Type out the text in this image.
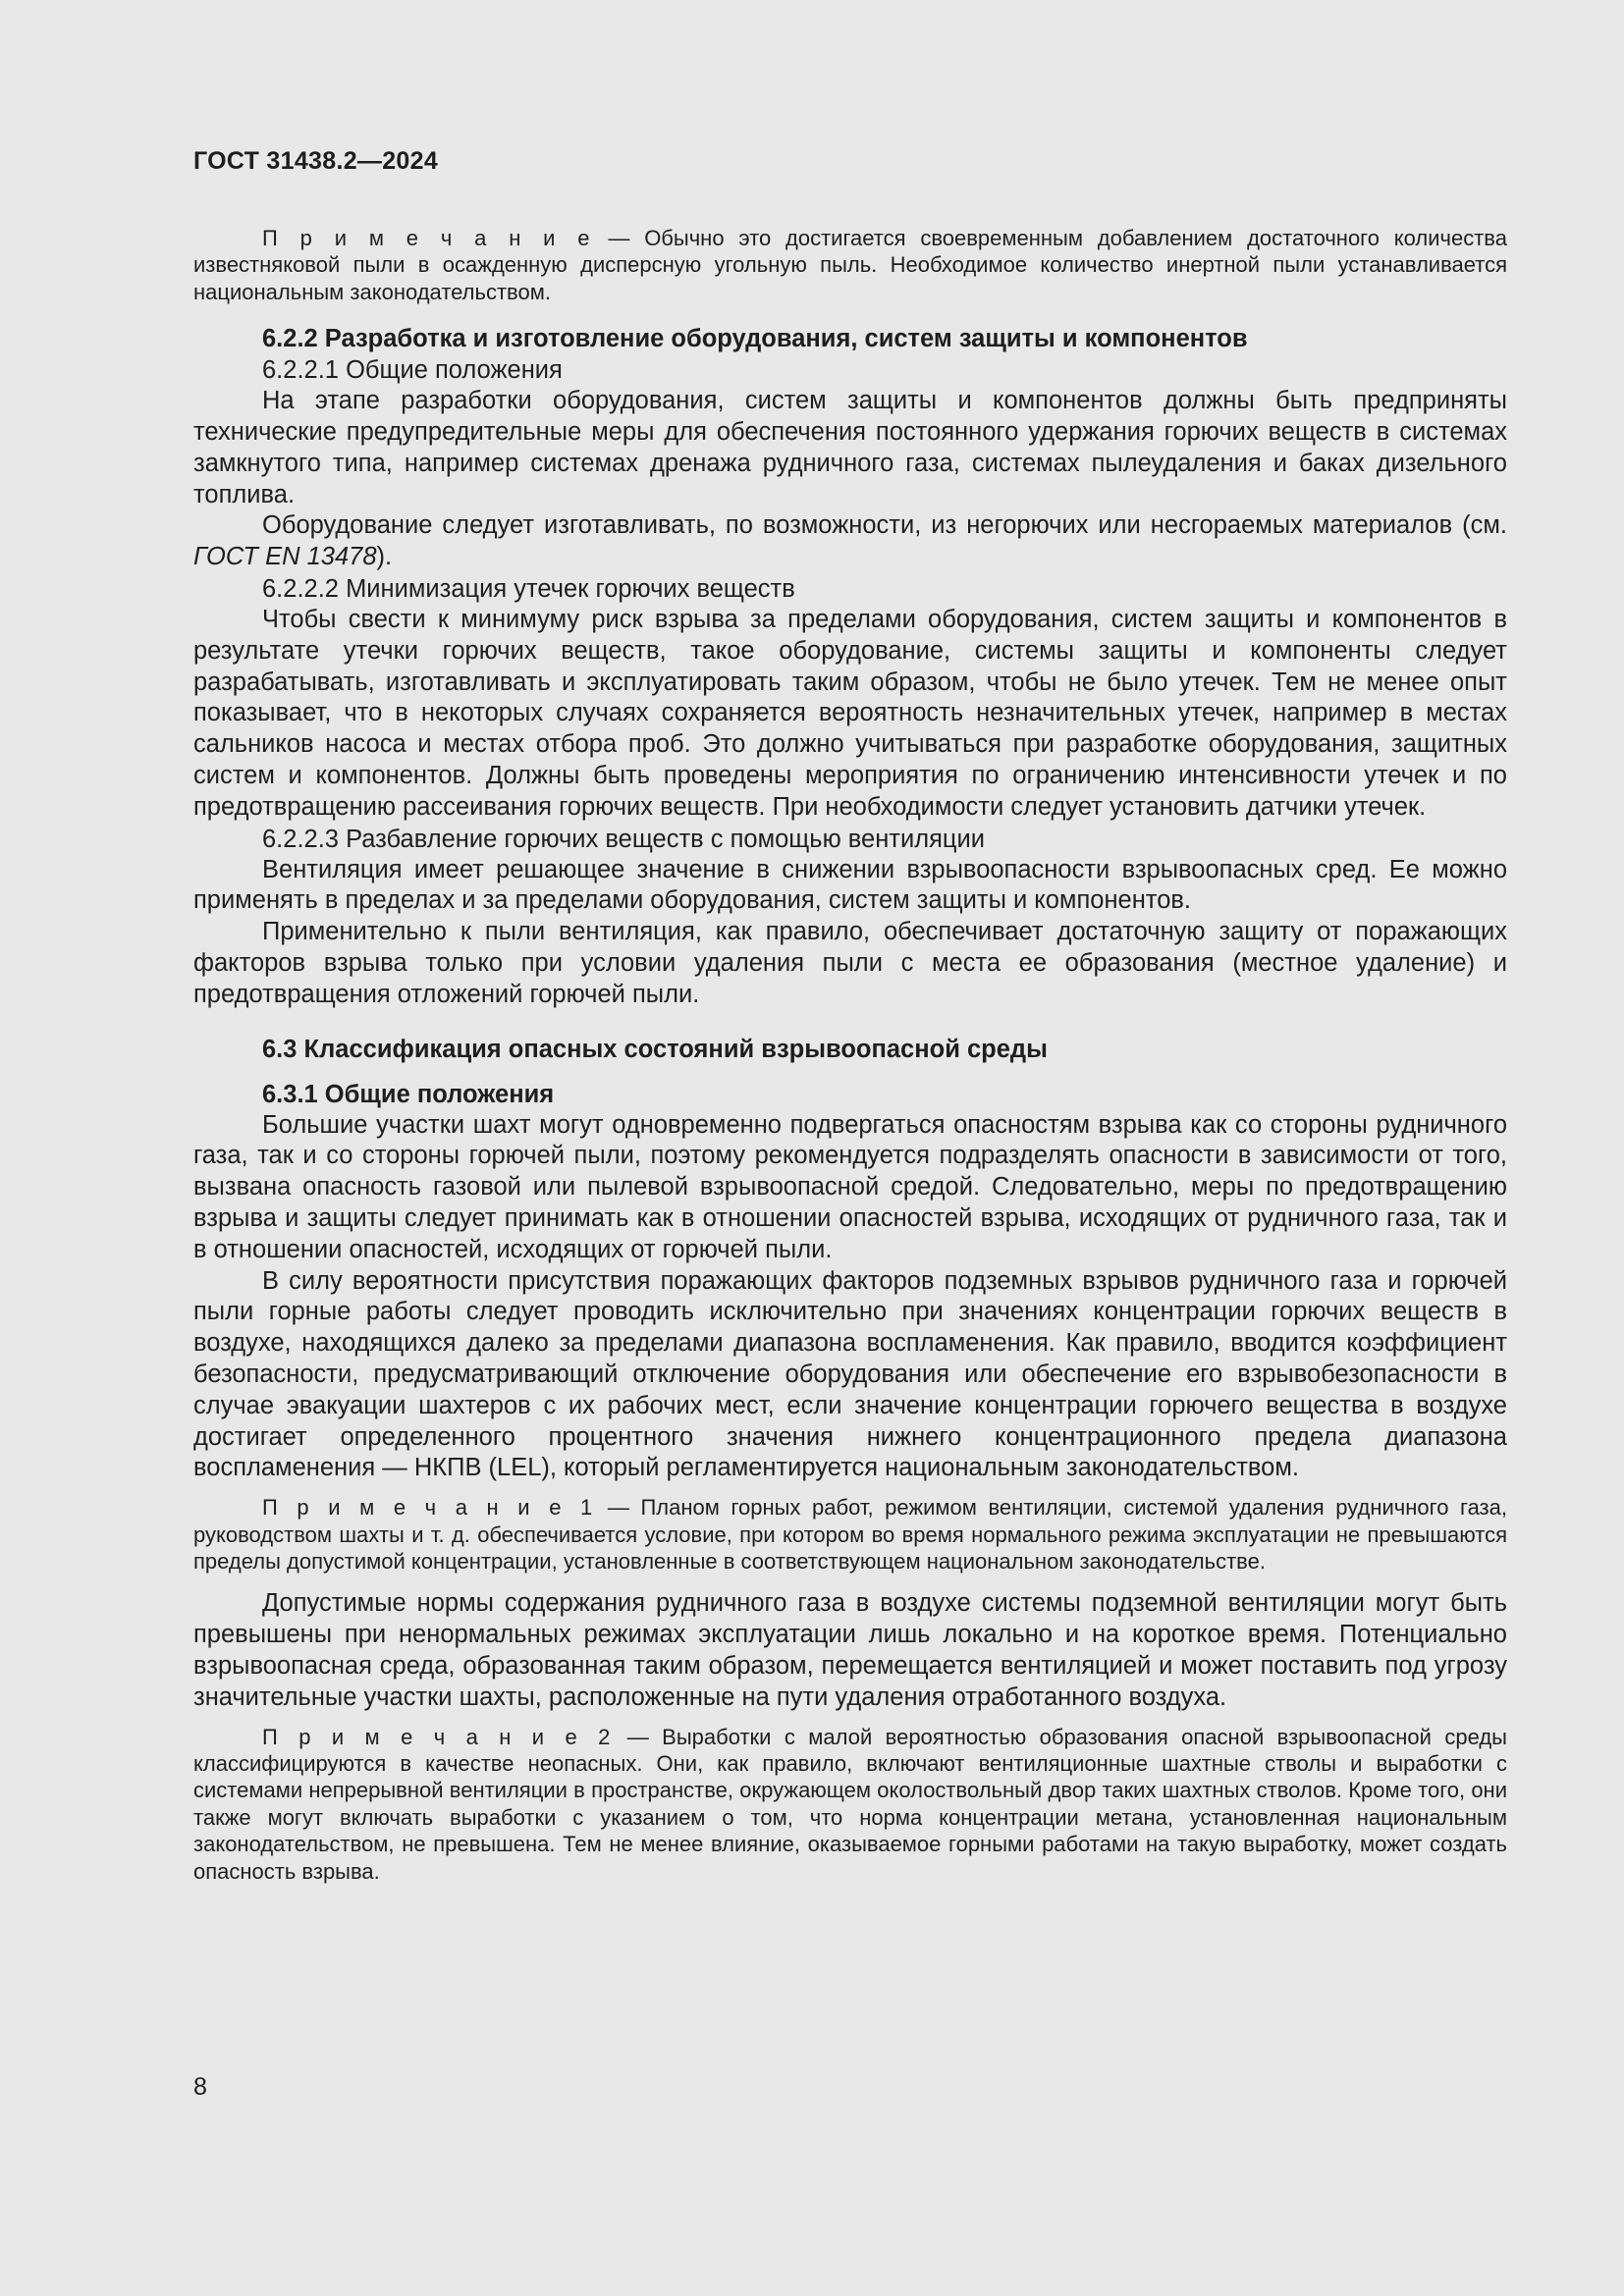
ГОСТ 31438.2—2024

П р и м е ч а н и е — Обычно это достигается своевременным добавлением достаточного количества известняковой пыли в осажденную дисперсную угольную пыль. Необходимое количество инертной пыли устанавливается национальным законодательством.

6.2.2 Разработка и изготовление оборудования, систем защиты и компонентов

6.2.2.1 Общие положения

На этапе разработки оборудования, систем защиты и компонентов должны быть предприняты технические предупредительные меры для обеспечения постоянного удержания горючих веществ в системах замкнутого типа, например системах дренажа рудничного газа, системах пылеудаления и баках дизельного топлива.

Оборудование следует изготавливать, по возможности, из негорючих или несгораемых материалов (см. ГОСТ EN 13478).

6.2.2.2 Минимизация утечек горючих веществ

Чтобы свести к минимуму риск взрыва за пределами оборудования, систем защиты и компонентов в результате утечки горючих веществ, такое оборудование, системы защиты и компоненты следует разрабатывать, изготавливать и эксплуатировать таким образом, чтобы не было утечек. Тем не менее опыт показывает, что в некоторых случаях сохраняется вероятность незначительных утечек, например в местах сальников насоса и местах отбора проб. Это должно учитываться при разработке оборудования, защитных систем и компонентов. Должны быть проведены мероприятия по ограничению интенсивности утечек и по предотвращению рассеивания горючих веществ. При необходимости следует установить датчики утечек.

6.2.2.3 Разбавление горючих веществ с помощью вентиляции

Вентиляция имеет решающее значение в снижении взрывоопасности взрывоопасных сред. Ее можно применять в пределах и за пределами оборудования, систем защиты и компонентов.

Применительно к пыли вентиляция, как правило, обеспечивает достаточную защиту от поражающих факторов взрыва только при условии удаления пыли с места ее образования (местное удаление) и предотвращения отложений горючей пыли.

6.3 Классификация опасных состояний взрывоопасной среды

6.3.1 Общие положения

Большие участки шахт могут одновременно подвергаться опасностям взрыва как со стороны рудничного газа, так и со стороны горючей пыли, поэтому рекомендуется подразделять опасности в зависимости от того, вызвана опасность газовой или пылевой взрывоопасной средой. Следовательно, меры по предотвращению взрыва и защиты следует принимать как в отношении опасностей взрыва, исходящих от рудничного газа, так и в отношении опасностей, исходящих от горючей пыли.

В силу вероятности присутствия поражающих факторов подземных взрывов рудничного газа и горючей пыли горные работы следует проводить исключительно при значениях концентрации горючих веществ в воздухе, находящихся далеко за пределами диапазона воспламенения. Как правило, вводится коэффициент безопасности, предусматривающий отключение оборудования или обеспечение его взрывобезопасности в случае эвакуации шахтеров с их рабочих мест, если значение концентрации горючего вещества в воздухе достигает определенного процентного значения нижнего концентрационного предела диапазона воспламенения — НКПВ (LEL), который регламентируется национальным законодательством.

П р и м е ч а н и е 1 — Планом горных работ, режимом вентиляции, системой удаления рудничного газа, руководством шахты и т. д. обеспечивается условие, при котором во время нормального режима эксплуатации не превышаются пределы допустимой концентрации, установленные в соответствующем национальном законодательстве.

Допустимые нормы содержания рудничного газа в воздухе системы подземной вентиляции могут быть превышены при ненормальных режимах эксплуатации лишь локально и на короткое время. Потенциально взрывоопасная среда, образованная таким образом, перемещается вентиляцией и может поставить под угрозу значительные участки шахты, расположенные на пути удаления отработанного воздуха.

П р и м е ч а н и е 2 — Выработки с малой вероятностью образования опасной взрывоопасной среды классифицируются в качестве неопасных. Они, как правило, включают вентиляционные шахтные стволы и выработки с системами непрерывной вентиляции в пространстве, окружающем околоствольный двор таких шахтных стволов. Кроме того, они также могут включать выработки с указанием о том, что норма концентрации метана, установленная национальным законодательством, не превышена. Тем не менее влияние, оказываемое горными работами на такую выработку, может создать опасность взрыва.

8
